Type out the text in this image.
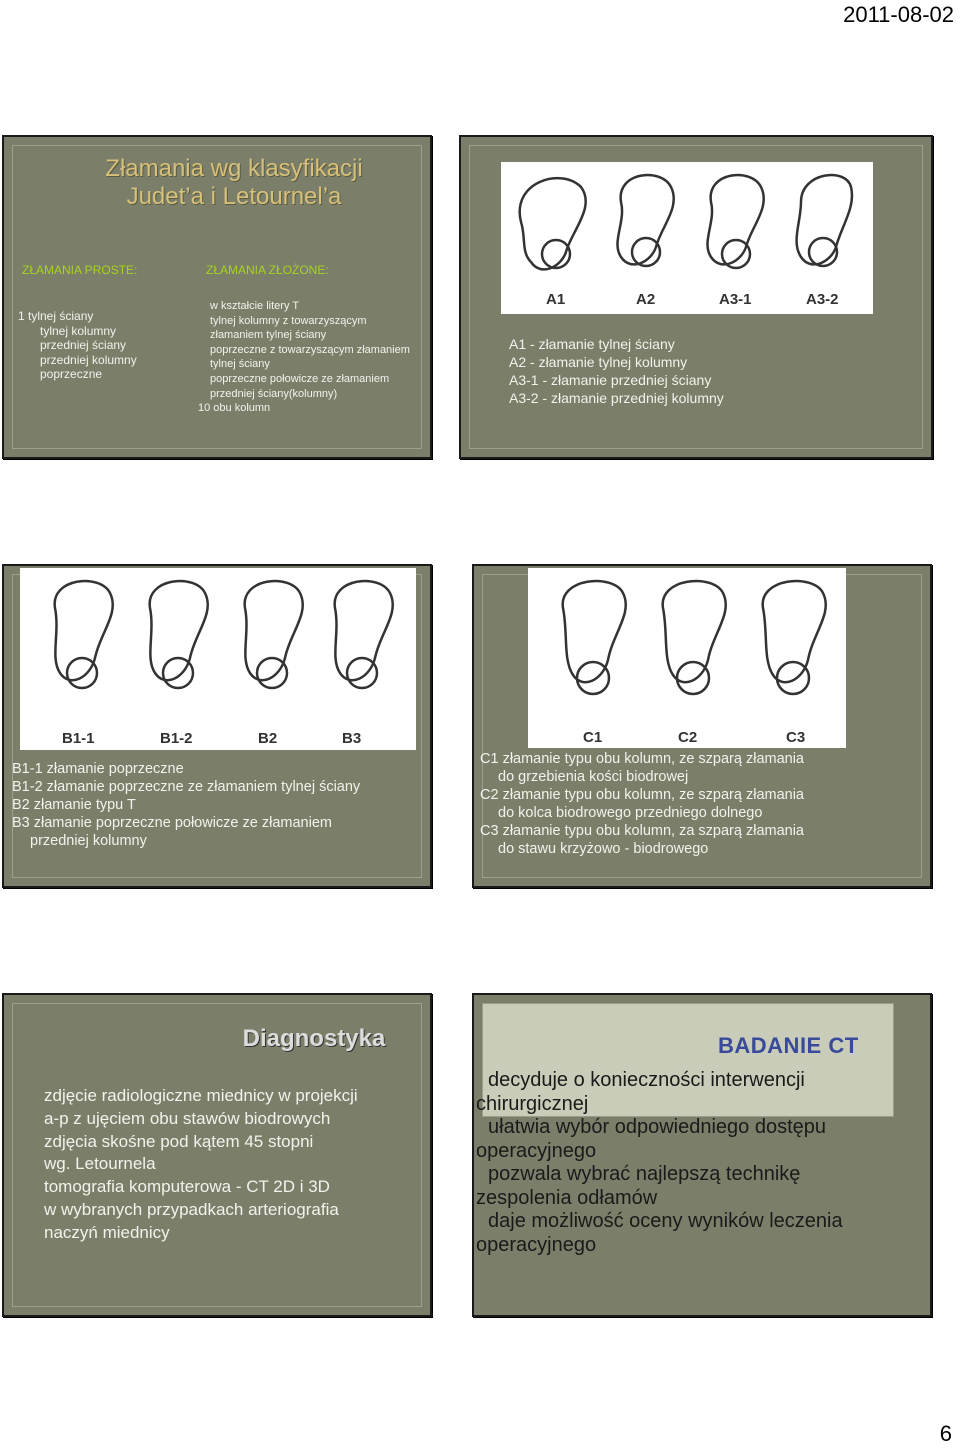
2011-08-02
Złamania wg klasyfikacji
Judet’a i Letournel’a
ZŁAMANIA PROSTE:	ZŁAMANIA ZŁOŻONE:
1 tylnej ściany
tylnej kolumny
przedniej ściany
przedniej kolumny
poprzeczne
w kształcie litery T
tylnej kolumny z towarzyszącym
złamaniem tylnej ściany
poprzeczne z towarzyszącym złamaniem
tylnej ściany
poprzeczne połowicze ze złamaniem
przedniej ściany(kolumny)
10 obu kolumn
A1	A2	A3-1	A3-2
A1 - złamanie tylnej ściany
A2 - złamanie tylnej kolumny
A3-1 - złamanie przedniej ściany
A3-2 - złamanie przedniej kolumny
B1-1	B1-2	B2	B3
B1-1 złamanie poprzeczne
B1-2 złamanie poprzeczne ze złamaniem tylnej ściany
B2 złamanie typu T
B3 złamanie poprzeczne połowicze ze złamaniem
przedniej kolumny
C1	C2	C3
C1 złamanie typu obu kolumn, ze szparą złamania
do grzebienia kości biodrowej
C2 złamanie typu obu kolumn, ze szparą złamania
do kolca biodrowego przedniego dolnego
C3 złamanie typu obu kolumn, za szparą złamania
do stawu krzyżowo - biodrowego
Diagnostyka
zdjęcie radiologiczne miednicy w projekcji
a-p z ujęciem obu stawów biodrowych
zdjęcia skośne pod kątem 45 stopni
wg. Letournela
tomografia komputerowa - CT 2D i 3D
w wybranych przypadkach arteriografia
naczyń miednicy
BADANIE CT
decyduje o konieczności interwencji
chirurgicznej
ułatwia wybór odpowiedniego dostępu
operacyjnego
pozwala wybrać najlepszą technikę
zespolenia odłamów
daje możliwość oceny wyników leczenia
operacyjnego
6
